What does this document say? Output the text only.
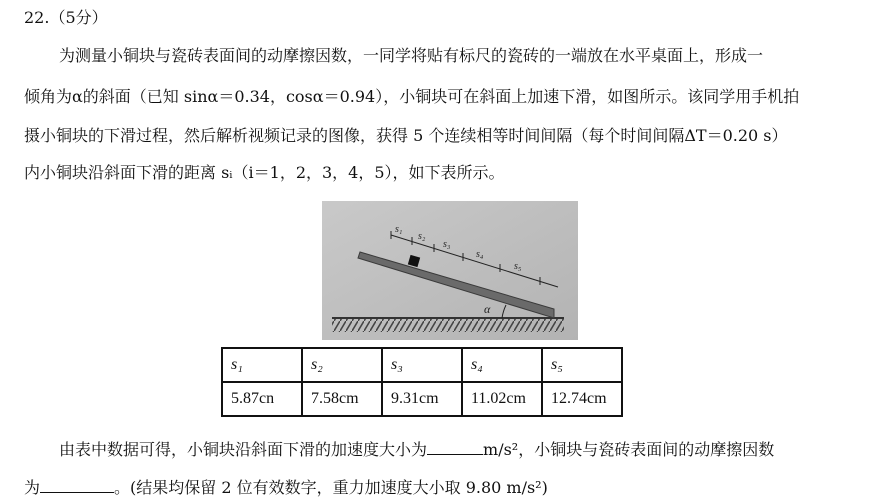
22.（5分）
为测量小铜块与瓷砖表面间的动摩擦因数，一同学将贴有标尺的瓷砖的一端放在水平桌面上，形成一
倾角为α的斜面（已知 sinα＝0.34，cosα＝0.94），小铜块可在斜面上加速下滑，如图所示。该同学用手机拍
摄小铜块的下滑过程，然后解析视频记录的图像，获得 5 个连续相等时间间隔（每个时间间隔ΔT＝0.20 s）
内小铜块沿斜面下滑的距离 sᵢ（i＝1，2，3，4，5），如下表所示。
s₁
s₂
s₃
s₄
s₅
α
s₁	s₂	s₃	s₄	s₅
5.87cn	7.58cm	9.31cm	11.02cm	12.74cm
由表中数据可得，小铜块沿斜面下滑的加速度大小为	m/s²，小铜块与瓷砖表面间的动摩擦因数
为	。(结果均保留 2 位有效数字，重力加速度大小取 9.80 m/s²)
